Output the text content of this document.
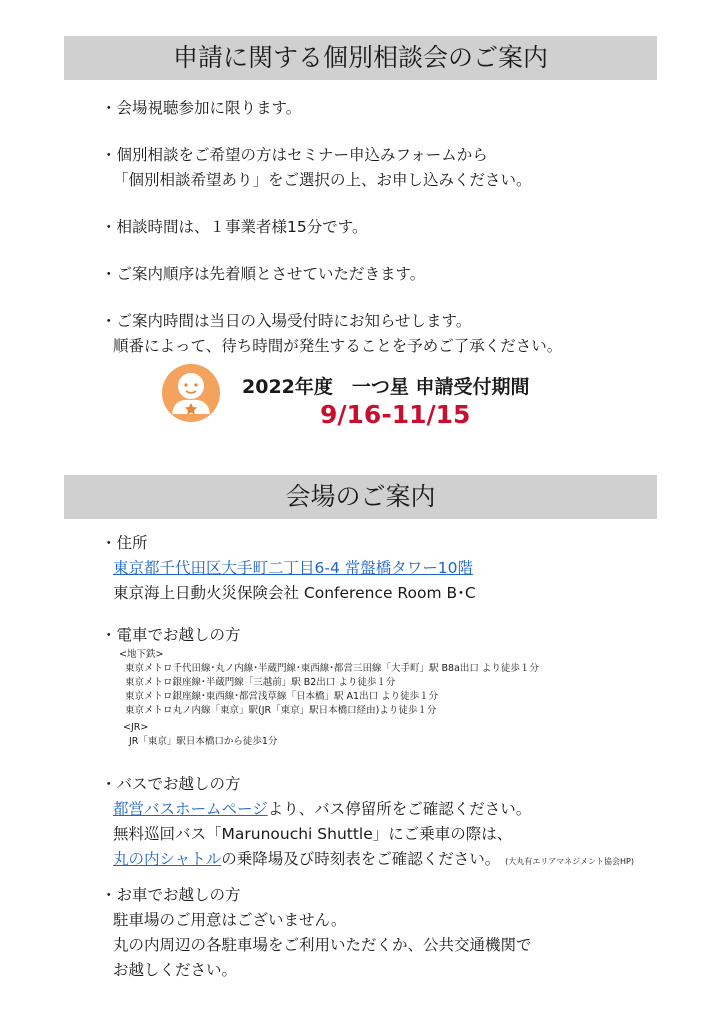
申請に関する個別相談会のご案内
・会場視聴参加に限ります。
・個別相談をご希望の方はセミナー申込みフォームから
「個別相談希望あり」をご選択の上、お申し込みください。
・相談時間は、１事業者様15分です。
・ご案内順序は先着順とさせていただきます。
・ご案内時間は当日の入場受付時にお知らせします。
順番によって、待ち時間が発生することを予めご了承ください。
2022年度　一つ星 申請受付期間
9/16-11/15
会場のご案内
・住所
東京都千代田区大手町二丁目6-4 常盤橋タワー10階
東京海上日動火災保険会社 Conference Room B･C
・電車でお越しの方
<地下鉄>
東京メトロ千代田線･丸ノ内線･半蔵門線･東西線･都営三田線「大手町」駅 B8a出口 より徒歩１分
東京メトロ銀座線･半蔵門線「三越前」駅 B2出口 より徒歩１分
東京メトロ銀座線･東西線･都営浅草線「日本橋」駅 A1出口 より徒歩１分
東京メトロ丸ノ内線「東京」駅(JR「東京」駅日本橋口経由)より徒歩１分
<JR>
JR「東京」駅日本橋口から徒歩1分
・バスでお越しの方
都営バスホームページより、バス停留所をご確認ください。
無料巡回バス「Marunouchi Shuttle」にご乗車の際は、
丸の内シャトルの乗降場及び時刻表をご確認ください。 (大丸有エリアマネジメント協会HP)
・お車でお越しの方
駐車場のご用意はございません。
丸の内周辺の各駐車場をご利用いただくか、公共交通機関で
お越しください。
